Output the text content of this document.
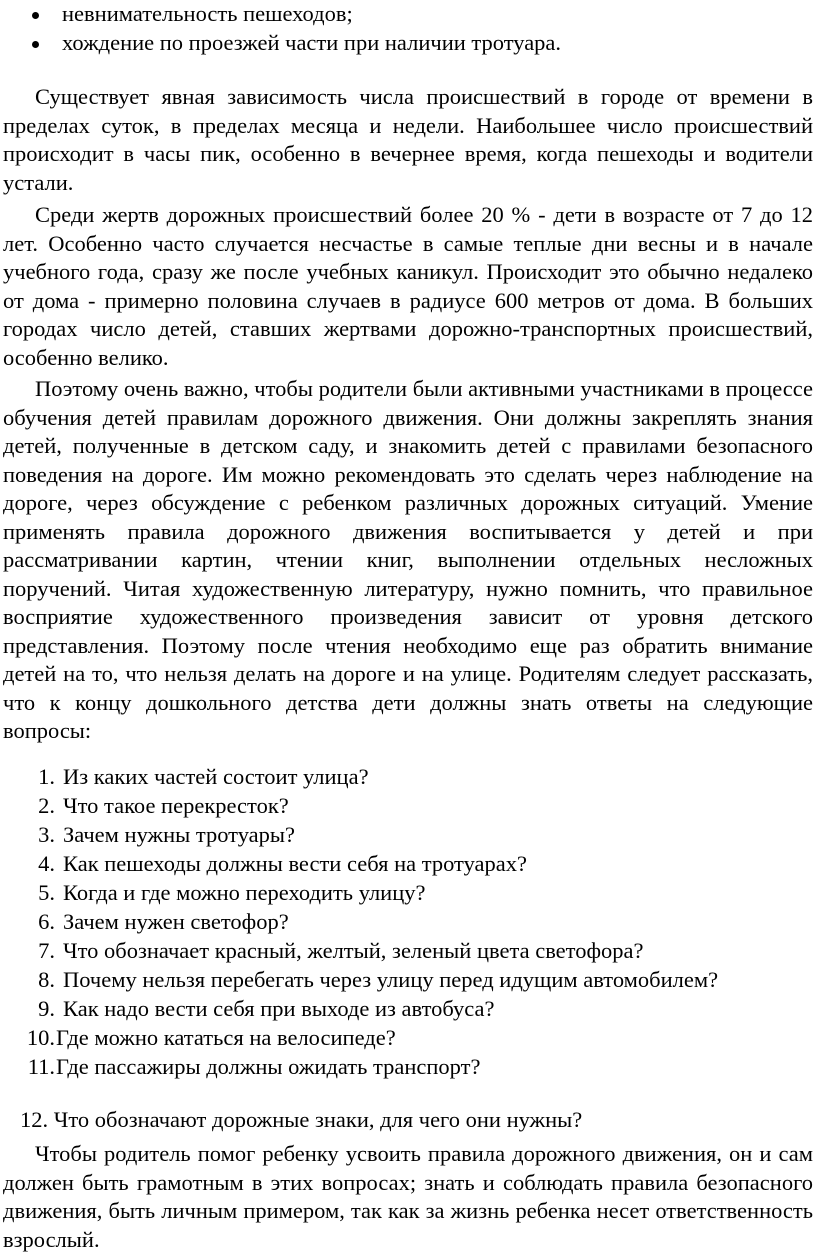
невнимательность пешеходов;
хождение по проезжей части при наличии тротуара.

Существует явная зависимость числа происшествий в городе от времени в пределах суток, в пределах месяца и недели. Наибольшее число происшествий происходит в часы пик, особенно в вечернее время, когда пешеходы и водители устали.

Среди жертв дорожных происшествий более 20 % - дети в возрасте от 7 до 12 лет. Особенно часто случается несчастье в самые теплые дни весны и в начале учебного года, сразу же после учебных каникул. Происходит это обычно недалеко от дома - примерно половина случаев в радиусе 600 метров от дома. В больших городах число детей, ставших жертвами дорожно-транспортных происшествий, особенно велико.

Поэтому очень важно, чтобы родители были активными участниками в процессе обучения детей правилам дорожного движения. Они должны закреплять знания детей, полученные в детском саду, и знакомить детей с правилами безопасного поведения на дороге. Им можно рекомендовать это сделать через наблюдение на дороге, через обсуждение с ребенком различных дорожных ситуаций. Умение применять правила дорожного движения воспитывается у детей и при рассматривании картин, чтении книг, выполнении отдельных несложных поручений. Читая художественную литературу, нужно помнить, что правильное восприятие художественного произведения зависит от уровня детского представления. Поэтому после чтения необходимо еще раз обратить внимание детей на то, что нельзя делать на дороге и на улице. Родителям следует рассказать, что к концу дошкольного детства дети должны знать ответы на следующие вопросы:

1. Из каких частей состоит улица?
2. Что такое перекресток?
3. Зачем нужны тротуары?
4. Как пешеходы должны вести себя на тротуарах?
5. Когда и где можно переходить улицу?
6. Зачем нужен светофор?
7. Что обозначает красный, желтый, зеленый цвета светофора?
8. Почему нельзя перебегать через улицу перед идущим автомобилем?
9. Как надо вести себя при выходе из автобуса?
10. Где можно кататься на велосипеде?
11. Где пассажиры должны ожидать транспорт?
12. Что обозначают дорожные знаки, для чего они нужны?

Чтобы родитель помог ребенку усвоить правила дорожного движения, он и сам должен быть грамотным в этих вопросах; знать и соблюдать правила безопасного движения, быть личным примером, так как за жизнь ребенка несет ответственность взрослый.
